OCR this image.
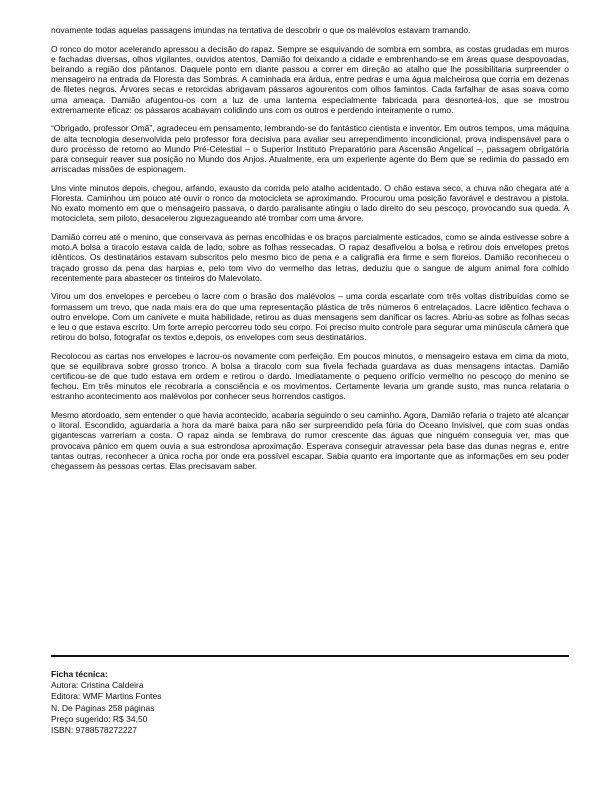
novamente todas aquelas passagens imundas na tentativa de descobrir o que os malévolos estavam tramando.

O ronco do motor acelerando apressou a decisão do rapaz. Sempre se esquivando de sombra em sombra, as costas grudadas em muros e fachadas diversas, olhos vigilantes, ouvidos atentos, Damião foi deixando a cidade e embrenhando-se em áreas quase despovoadas, beirando a região dos pântanos. Daquele ponto em diante passou a correr em direção ao atalho que lhe possibilitaria surpreender o mensageiro na entrada da Floresta das Sombras. A caminhada era árdua, entre pedras e uma água malcheirosa que corria em dezenas de filetes negros. Árvores secas e retorcidas abrigavam pássaros agourentos com olhos famintos. Cada farfalhar de asas soava como uma ameaça. Damião afugentou-os com a luz de uma lanterna especialmente fabricada para desnorteá-los, que se mostrou extremamente eficaz: os pássaros acabavam colidindo uns com os outros e perdendo inteiramente o rumo.

“Obrigado, professor Omã”, agradeceu em pensamento, lembrando-se do fantástico cientista e inventor. Em outros tempos, uma máquina de alta tecnologia desenvolvida pelo professor fora decisiva para avaliar seu arrependimento incondicional, prova indispensável para o duro processo de retorno ao Mundo Pré-Celestial – o Superior Instituto Preparatório para Ascensão Angelical –, passagem obrigatória para conseguir reaver sua posição no Mundo dos Anjos. Atualmente, era um experiente agente do Bem que se redimia do passado em arriscadas missões de espionagem.

Uns vinte minutos depois, chegou, arfando, exausto da corrida pelo atalho acidentado. O chão estava seco, a chuva não chegara até a Floresta. Caminhou um pouco até ouvir o ronco da motocicleta se aproximando. Procurou uma posição favorável e destravou a pistola. No exato momento em que o mensageiro passava, o dardo paralisante atingiu o lado direito do seu pescoço, provocando sua queda. A motocicleta, sem piloto, desacelerou ziguezagueando até trombar com uma árvore.

Damião correu até o menino, que conservava as pernas encolhidas e os braços parcialmente esticados, como se ainda estivesse sobre a moto.A bolsa a tiracolo estava caída de lado, sobre as folhas ressecadas. O rapaz desafivelou a bolsa e retirou dois envelopes pretos idênticos. Os destinatários estavam subscritos pelo mesmo bico de pena e a caligrafia era firme e sem floreios. Damião reconheceu o traçado grosso da pena das harpias e, pelo tom vivo do vermelho das letras, deduziu que o sangue de algum animal fora colhido recentemente para abastecer os tinteiros do Malevolato.

Virou um dos envelopes e percebeu o lacre com o brasão dos malévolos – uma corda escarlate com três voltas distribuídas como se formassem um trevo, que nada mais era do que uma representação plástica de três números 6 entrelaçados. Lacre idêntico fechava o outro envelope. Com um canivete e muita habilidade, retirou as duas mensagens sem danificar os lacres. Abriu-as sobre as folhas secas e leu o que estava escrito. Um forte arrepio percorreu todo seu corpo. Foi preciso muito controle para segurar uma minúscula câmera que retirou do bolso, fotografar os textos e,depois, os envelopes com seus destinatários.

Recolocou as cartas nos envelopes e lacrou-os novamente com perfeição. Em poucos minutos, o mensageiro estava em cima da moto, que se equilibrava sobre grosso tronco. A bolsa a tiracolo com sua fivela fechada guardava as duas mensagens intactas. Damião certificou-se de que tudo estava em ordem e retirou o dardo. Imediatamente o pequeno orifício vermelho no pescoço do menino se fechou. Em três minutos ele recobraria a consciência e os movimentos. Certamente levaria um grande susto, mas nunca relataria o estranho acontecimento aos malévolos por conhecer seus horrendos castigos.

Mesmo atordoado, sem entender o que havia acontecido, acabaria seguindo o seu caminho. Agora, Damião refaria o trajeto até alcançar o litoral. Escondido, aguardaria a hora da maré baixa para não ser surpreendido pela fúria do Oceano Invisível, que com suas ondas gigantescas varreriam a costa. O rapaz ainda se lembrava do rumor crescente das águas que ninguém conseguia ver, mas que provocava pânico em quem ouvia a sua estrondosa aproximação. Esperava conseguir atravessar pela base das dunas negras e, entre tantas outras, reconhecer a única rocha por onde era possível escapar. Sabia quanto era importante que as informações em seu poder chegassem às pessoas certas. Elas precisavam saber.

Ficha técnica:
Autora: Cristina Caldeira
Editora: WMF Martins Fontes
N. De Páginas 258 páginas
Preço sugerido: R$ 34,50
ISBN: 9788578272227
